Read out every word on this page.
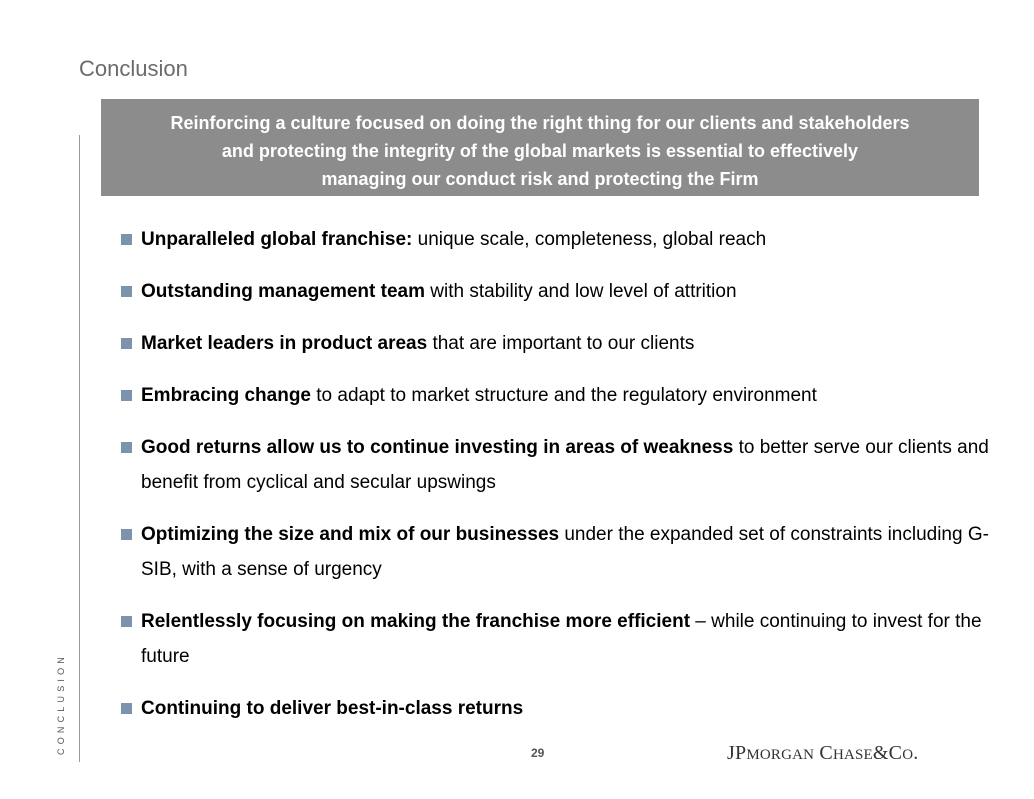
Conclusion
CONCLUSION
Reinforcing a culture focused on doing the right thing for our clients and stakeholders
and protecting the integrity of the global markets is essential to effectively
managing our conduct risk and protecting the Firm
Unparalleled global franchise: unique scale, completeness, global reach
Outstanding management team with stability and low level of attrition
Market leaders in product areas that are important to our clients
Embracing change to adapt to market structure and the regulatory environment
Good returns allow us to continue investing in areas of weakness to better serve our clients and benefit from cyclical and secular upswings
Optimizing the size and mix of our businesses under the expanded set of constraints including G-SIB, with a sense of urgency
Relentlessly focusing on making the franchise more efficient – while continuing to invest for the future
Continuing to deliver best-in-class returns
29	JPMORGAN CHASE&CO.
